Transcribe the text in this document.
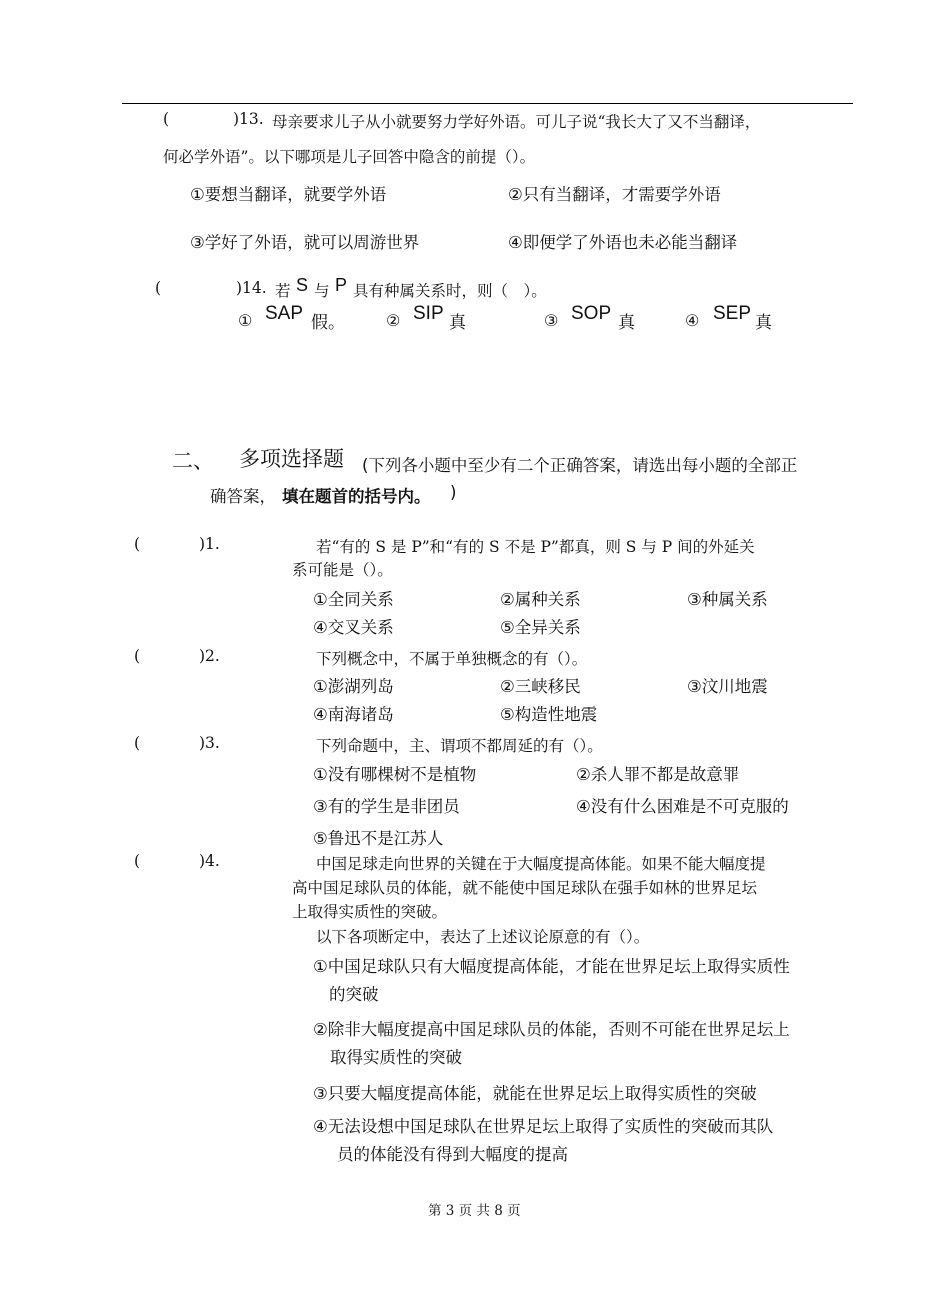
(	)13. 母亲要求儿子从小就要努力学好外语。可儿子说“我长大了又不当翻译，
何必学外语”。以下哪项是儿子回答中隐含的前提（）。
①要想当翻译，就要学外语	②只有当翻译，才需要学外语
③学好了外语，就可以周游世界	④即便学了外语也未必能当翻译
(	)14. 若 S 与 P 具有种属关系时，则（　）。
① SAP 假。	② SIP 真	③ SOP 真	④ SEP 真
二、 多项选择题 (下列各小题中至少有二个正确答案，请选出每小题的全部正
确答案， 填在题首的括号内。 )
(	)1.	若“有的 S 是 P”和“有的 S 不是 P”都真，则 S 与 P 间的外延关
系可能是（）。
①全同关系	②属种关系	③种属关系
④交叉关系	⑤全异关系
(	)2.	下列概念中，不属于单独概念的有（）。
①澎湖列岛	②三峡移民	③汶川地震
④南海诸岛	⑤构造性地震
(	)3.	下列命题中，主、谓项不都周延的有（）。
①没有哪棵树不是植物	②杀人罪不都是故意罪
③有的学生是非团员	④没有什么困难是不可克服的
⑤鲁迅不是江苏人
(	)4.	中国足球走向世界的关键在于大幅度提高体能。如果不能大幅度提
高中国足球队员的体能，就不能使中国足球队在强手如林的世界足坛
上取得实质性的突破。
以下各项断定中，表达了上述议论原意的有（）。
①中国足球队只有大幅度提高体能，才能在世界足坛上取得实质性
的突破
②除非大幅度提高中国足球队员的体能，否则不可能在世界足坛上
取得实质性的突破
③只要大幅度提高体能，就能在世界足坛上取得实质性的突破
④无法设想中国足球队在世界足坛上取得了实质性的突破而其队
员的体能没有得到大幅度的提高
第 3 页 共 8 页
